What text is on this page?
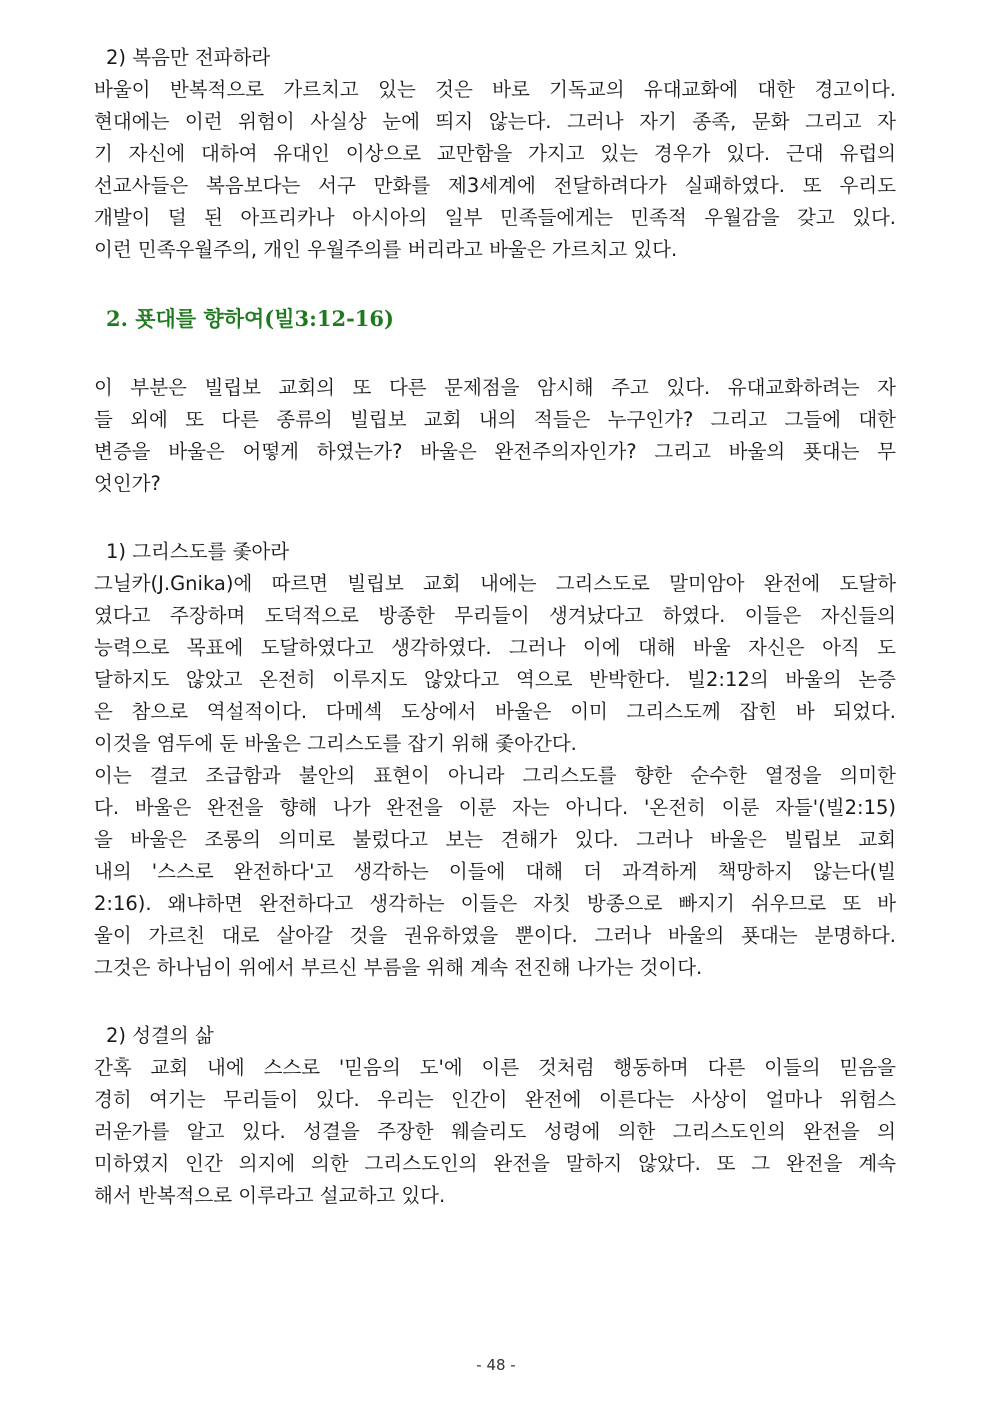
2) 복음만 전파하라
바울이 반복적으로 가르치고 있는 것은 바로 기독교의 유대교화에 대한 경고이다.
현대에는 이런 위험이 사실상 눈에 띄지 않는다. 그러나 자기 종족, 문화 그리고 자
기 자신에 대하여 유대인 이상으로 교만함을 가지고 있는 경우가 있다. 근대 유럽의
선교사들은 복음보다는 서구 만화를 제3세계에 전달하려다가 실패하였다. 또 우리도
개발이 덜 된 아프리카나 아시아의 일부 민족들에게는 민족적 우월감을 갖고 있다.
이런 민족우월주의, 개인 우월주의를 버리라고 바울은 가르치고 있다.
2. 푯대를 향하여(빌3:12-16)
이 부분은 빌립보 교회의 또 다른 문제점을 암시해 주고 있다. 유대교화하려는 자
들 외에 또 다른 종류의 빌립보 교회 내의 적들은 누구인가? 그리고 그들에 대한
변증을 바울은 어떻게 하였는가? 바울은 완전주의자인가? 그리고 바울의 푯대는 무
엇인가?
1) 그리스도를 좇아라
그닐카(J.Gnika)에 따르면 빌립보 교회 내에는 그리스도로 말미암아 완전에 도달하
였다고 주장하며 도덕적으로 방종한 무리들이 생겨났다고 하였다. 이들은 자신들의
능력으로 목표에 도달하였다고 생각하였다. 그러나 이에 대해 바울 자신은 아직 도
달하지도 않았고 온전히 이루지도 않았다고 역으로 반박한다. 빌2:12의 바울의 논증
은 참으로 역설적이다. 다메섹 도상에서 바울은 이미 그리스도께 잡힌 바 되었다.
이것을 염두에 둔 바울은 그리스도를 잡기 위해 좇아간다.
이는 결코 조급함과 불안의 표현이 아니라 그리스도를 향한 순수한 열정을 의미한
다. 바울은 완전을 향해 나가 완전을 이룬 자는 아니다. '온전히 이룬 자들'(빌2:15)
을 바울은 조롱의 의미로 불렀다고 보는 견해가 있다. 그러나 바울은 빌립보 교회
내의 '스스로 완전하다'고 생각하는 이들에 대해 더 과격하게 책망하지 않는다(빌
2:16). 왜냐하면 완전하다고 생각하는 이들은 자칫 방종으로 빠지기 쉬우므로 또 바
울이 가르친 대로 살아갈 것을 권유하였을 뿐이다. 그러나 바울의 푯대는 분명하다.
그것은 하나님이 위에서 부르신 부름을 위해 계속 전진해 나가는 것이다.
2) 성결의 삶
간혹 교회 내에 스스로 '믿음의 도'에 이른 것처럼 행동하며 다른 이들의 믿음을
경히 여기는 무리들이 있다. 우리는 인간이 완전에 이른다는 사상이 얼마나 위험스
러운가를 알고 있다. 성결을 주장한 웨슬리도 성령에 의한 그리스도인의 완전을 의
미하였지 인간 의지에 의한 그리스도인의 완전을 말하지 않았다. 또 그 완전을 계속
해서 반복적으로 이루라고 설교하고 있다.
- 48 -
